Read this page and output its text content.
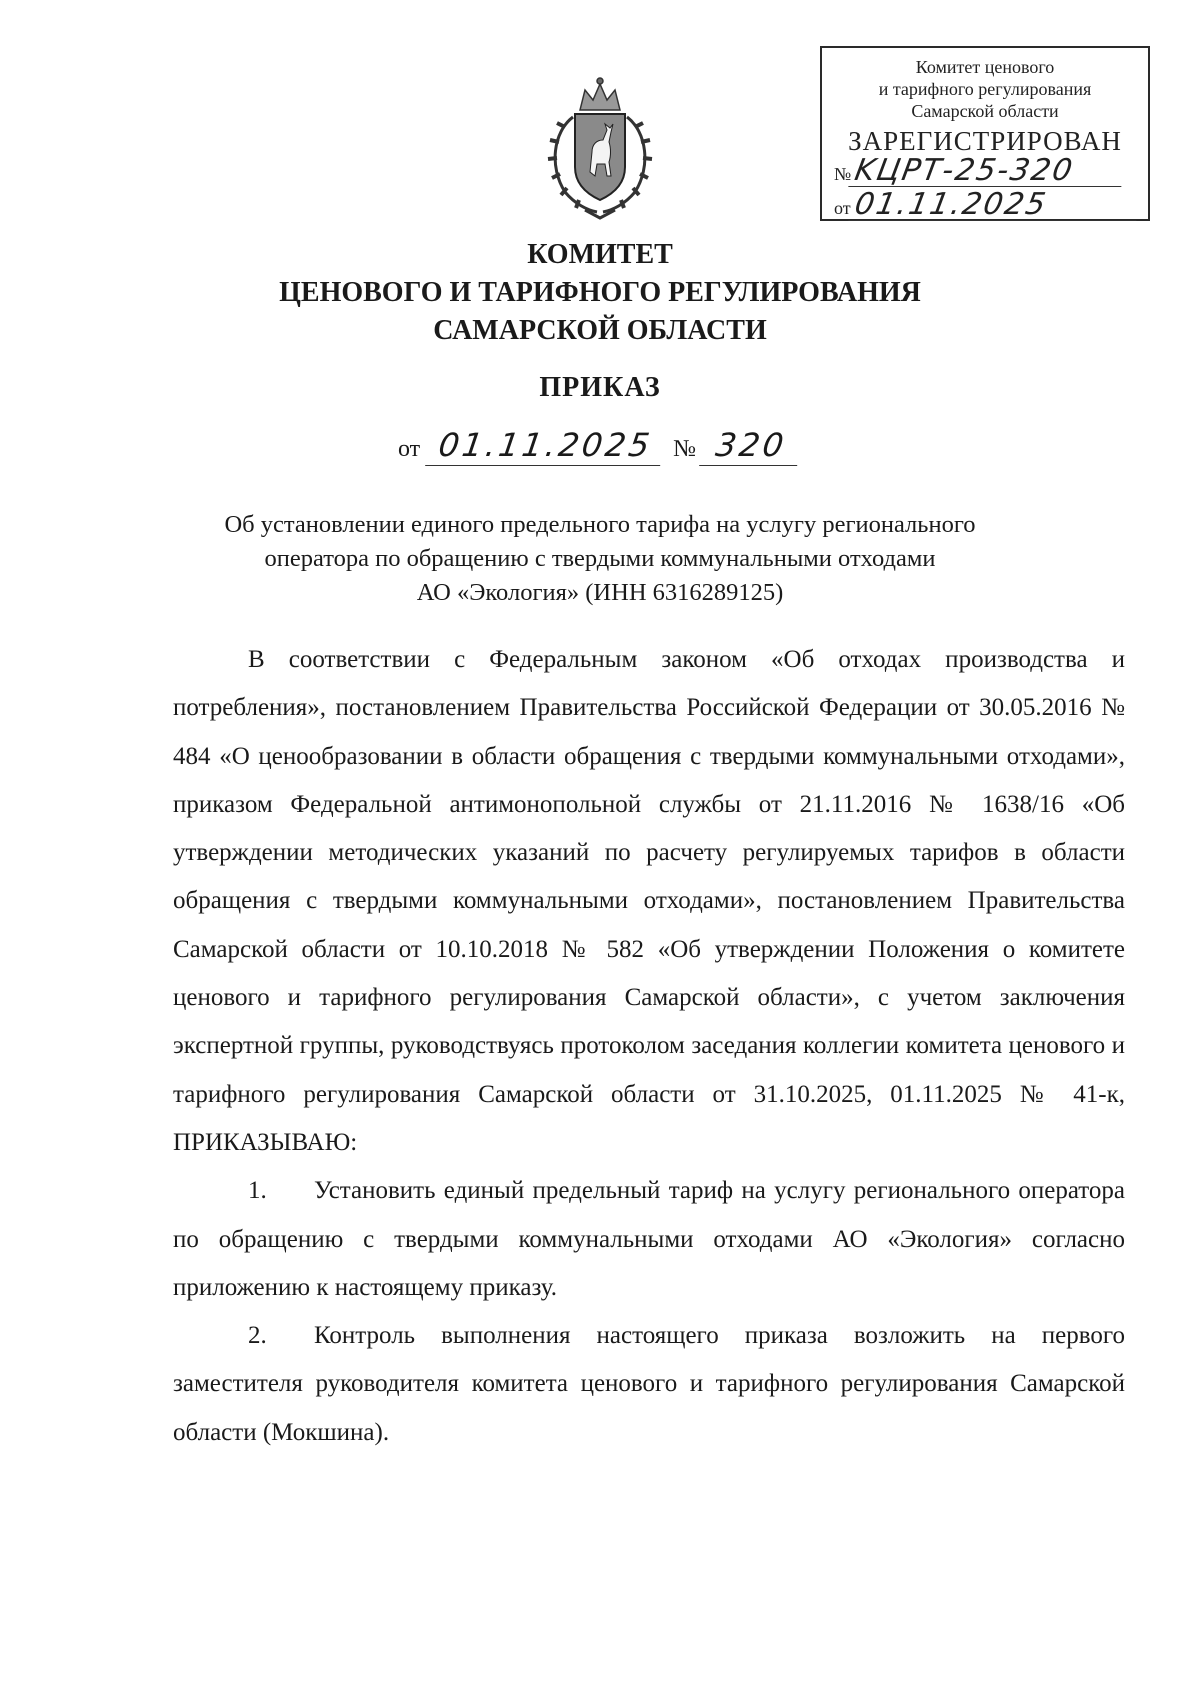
Комитет ценового
и тарифного регулирования
Самарской области
ЗАРЕГИСТРИРОВАН
№KЦРТ-25-320
от01.11.2025
КОМИТЕТ
ЦЕНОВОГО И ТАРИФНОГО РЕГУЛИРОВАНИЯ
САМАРСКОЙ ОБЛАСТИ
ПРИКАЗ
от 01.11.2025 № 320
Об установлении единого предельного тарифа на услугу регионального
оператора по обращению с твердыми коммунальными отходами
АО «Экология» (ИНН 6316289125)

В соответствии с Федеральным законом «Об отходах производства и потребления», постановлением Правительства Российской Федерации от 30.05.2016 № 484 «О ценообразовании в области обращения с твердыми коммунальными отходами», приказом Федеральной антимонопольной службы от 21.11.2016 № 1638/16 «Об утверждении методических указаний по расчету регулируемых тарифов в области обращения с твердыми коммунальными отходами», постановлением Правительства Самарской области от 10.10.2018 № 582 «Об утверждении Положения о комитете ценового и тарифного регулирования Самарской области», с учетом заключения экспертной группы, руководствуясь протоколом заседания коллегии комитета ценового и тарифного регулирования Самарской области от 31.10.2025, 01.11.2025 № 41-к, ПРИКАЗЫВАЮ:

1. Установить единый предельный тариф на услугу регионального оператора по обращению с твердыми коммунальными отходами АО «Экология» согласно приложению к настоящему приказу.

2. Контроль выполнения настоящего приказа возложить на первого заместителя руководителя комитета ценового и тарифного регулирования Самарской области (Мокшина).
